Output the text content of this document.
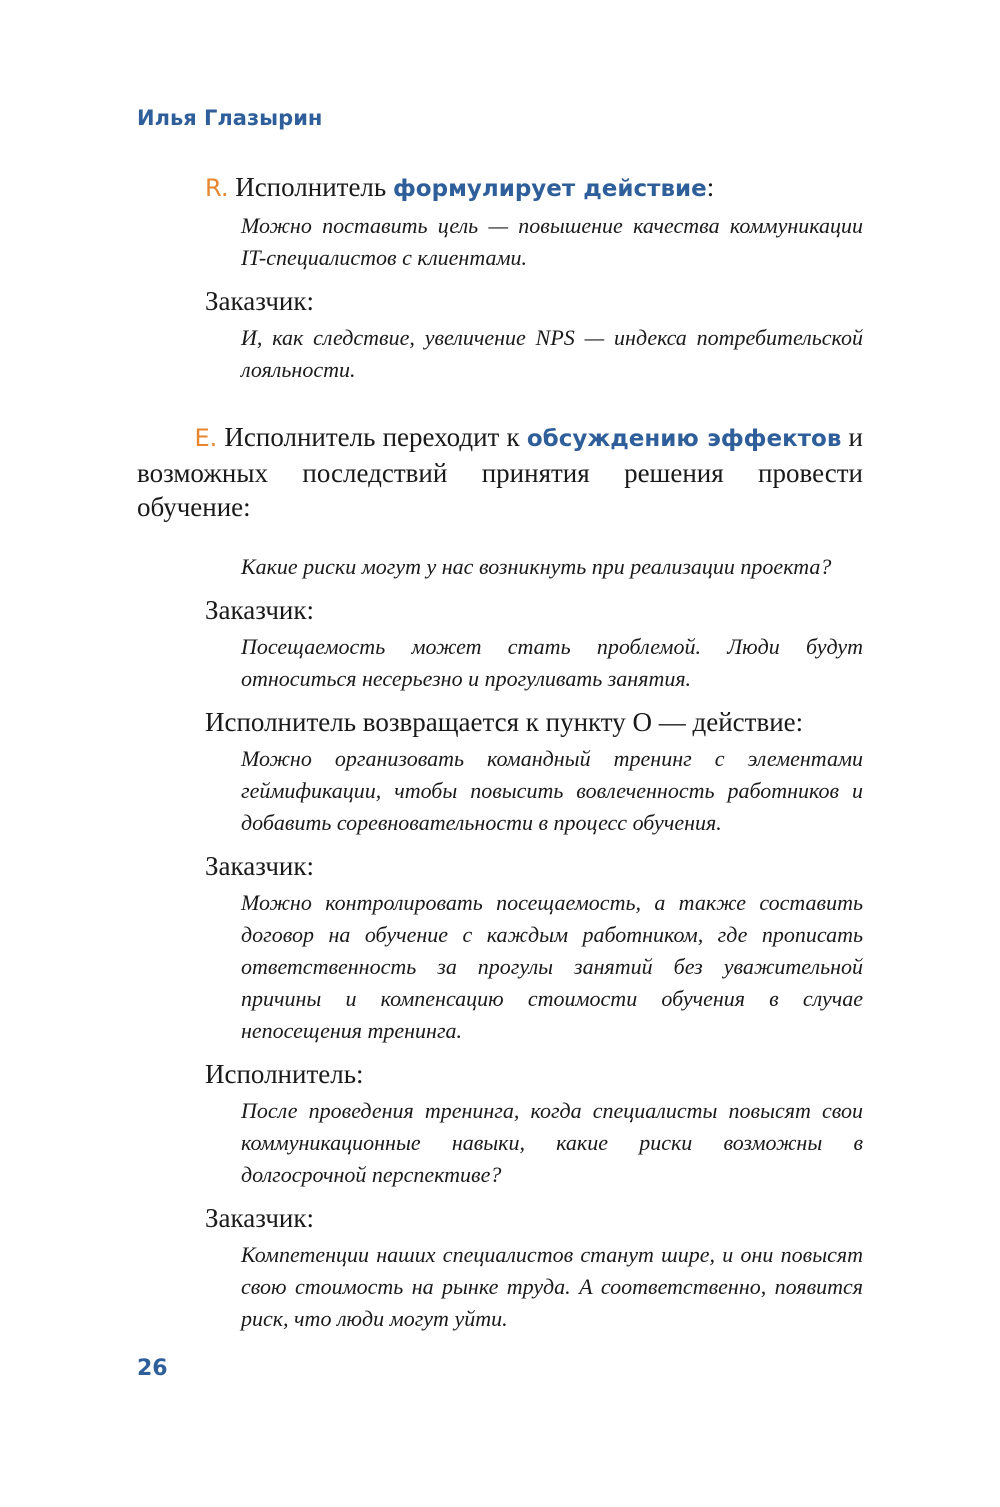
Илья Глазырин

R. Исполнитель формулирует действие:

Можно поставить цель — повышение качества коммуникации IT-специалистов с клиентами.
Заказчик:
И, как следствие, увеличение NPS — индекса потребительской лояльности.

E. Исполнитель переходит к обсуждению эффектов и возможных последствий принятия решения провести обучение:

Какие риски могут у нас возникнуть при реализации проекта?
Заказчик:
Посещаемость может стать проблемой. Люди будут относиться несерьезно и прогуливать занятия.
Исполнитель возвращается к пункту О — действие:
Можно организовать командный тренинг с элементами геймификации, чтобы повысить вовлеченность работников и добавить соревновательности в процесс обучения.
Заказчик:
Можно контролировать посещаемость, а также составить договор на обучение с каждым работником, где прописать ответственность за прогулы занятий без уважительной причины и компенсацию стоимости обучения в случае непосещения тренинга.
Исполнитель:
После проведения тренинга, когда специалисты повысят свои коммуникационные навыки, какие риски возможны в долгосрочной перспективе?
Заказчик:
Компетенции наших специалистов станут шире, и они повысят свою стоимость на рынке труда. А соответственно, появится риск, что люди могут уйти.
26
